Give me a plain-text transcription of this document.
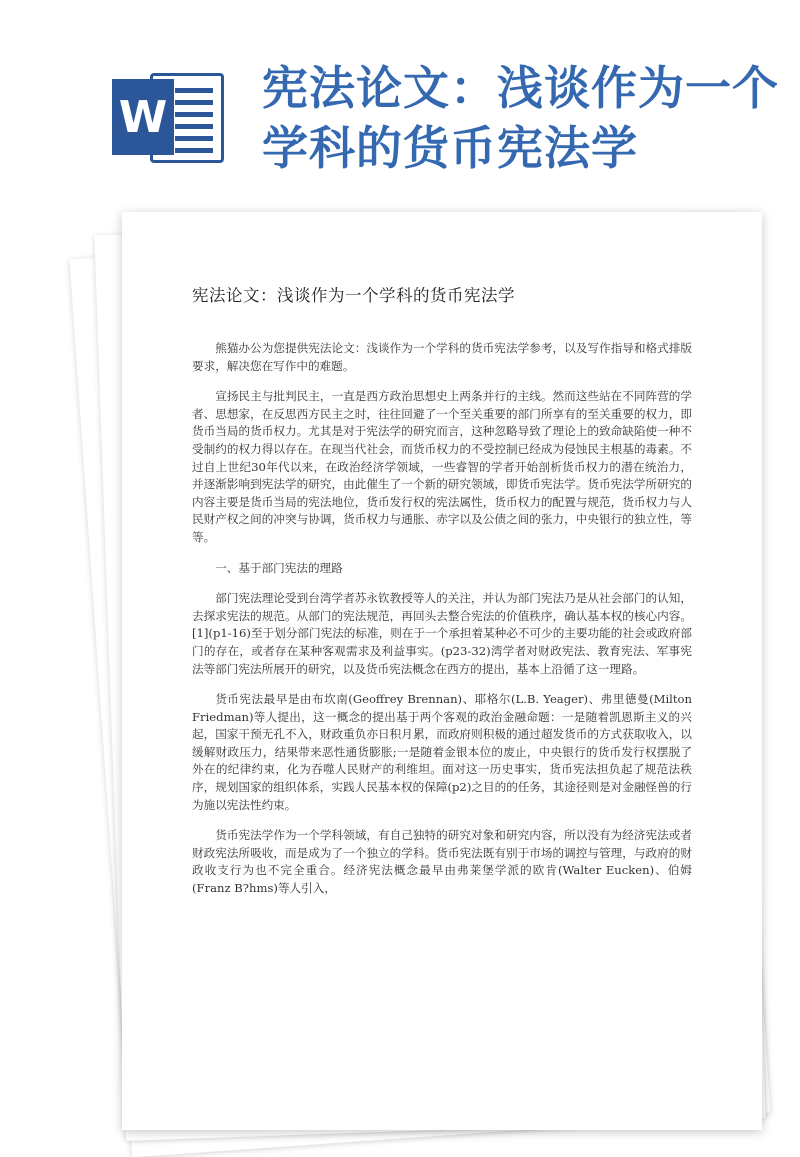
W
宪法论文：浅谈作为一个学科的货币宪法学
宪法论文：浅谈作为一个学科的货币宪法学

熊猫办公为您提供宪法论文：浅谈作为一个学科的货币宪法学参考，以及写作指导和格式排版要求，解决您在写作中的难题。

宣扬民主与批判民主，一直是西方政治思想史上两条并行的主线。然而这些站在不同阵营的学者、思想家，在反思西方民主之时，往往回避了一个至关重要的部门所享有的至关重要的权力，即货币当局的货币权力。尤其是对于宪法学的研究而言，这种忽略导致了理论上的致命缺陷使一种不受制约的权力得以存在。在现当代社会，而货币权力的不受控制已经成为侵蚀民主根基的毒素。不过自上世纪30年代以来，在政治经济学领域，一些睿智的学者开始剖析货币权力的潜在统治力，并逐渐影响到宪法学的研究，由此催生了一个新的研究领域，即货币宪法学。货币宪法学所研究的内容主要是货币当局的宪法地位，货币发行权的宪法属性，货币权力的配置与规范，货币权力与人民财产权之间的冲突与协调，货币权力与通胀、赤字以及公债之间的张力，中央银行的独立性，等等。

一、基于部门宪法的理路

部门宪法理论受到台湾学者苏永钦教授等人的关注，并认为部门宪法乃是从社会部门的认知，去探求宪法的规范。从部门的宪法规范，再回头去整合宪法的价值秩序，确认基本权的核心内容。[1](p1-16)至于划分部门宪法的标准，则在于一个承担着某种必不可少的主要功能的社会或政府部门的存在，或者存在某种客观需求及利益事实。(p23-32)湾学者对财政宪法、教育宪法、军事宪法等部门宪法所展开的研究，以及货币宪法概念在西方的提出，基本上沿循了这一理路。

货币宪法最早是由布坎南(Geoffrey Brennan)、耶格尔(L.B. Yeager)、弗里德曼(Milton Friedman)等人提出，这一概念的提出基于两个客观的政治金融命题：一是随着凯恩斯主义的兴起，国家干预无孔不入，财政重负亦日积月累，而政府则积极的通过超发货币的方式获取收入，以缓解财政压力，结果带来恶性通货膨胀;一是随着金银本位的废止，中央银行的货币发行权摆脱了外在的纪律约束，化为吞噬人民财产的利维坦。面对这一历史事实，货币宪法担负起了规范法秩序，规划国家的组织体系，实践人民基本权的保障(p2)之目的的任务，其途径则是对金融怪兽的行为施以宪法性约束。

货币宪法学作为一个学科领域，有自己独特的研究对象和研究内容，所以没有为经济宪法或者财政宪法所吸收，而是成为了一个独立的学科。货币宪法既有别于市场的调控与管理，与政府的财政收支行为也不完全重合。经济宪法概念最早由弗莱堡学派的欧肯(Walter Eucken)、伯姆(Franz B?hms)等人引入，
